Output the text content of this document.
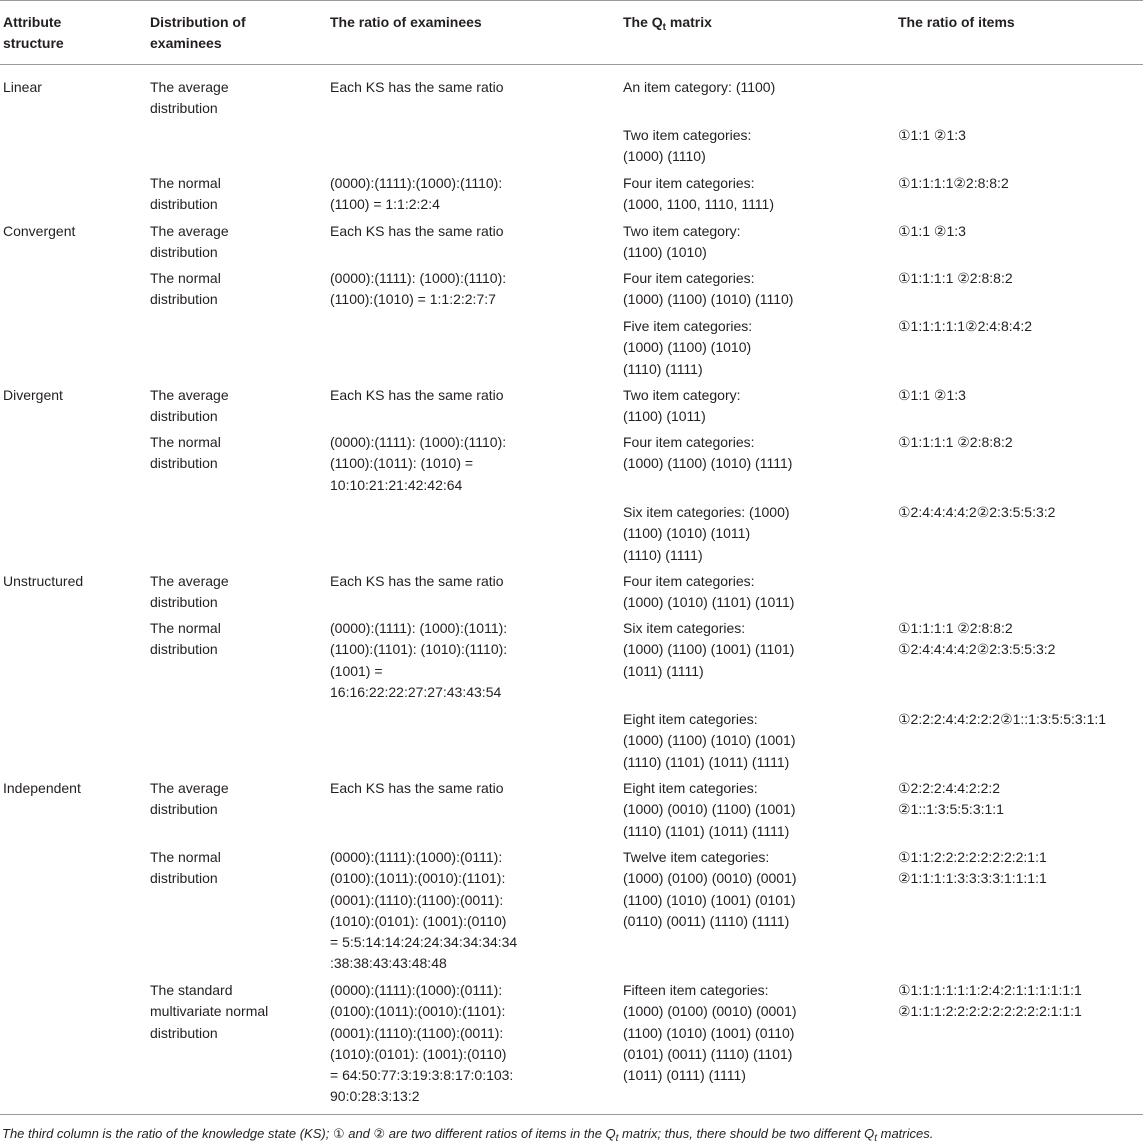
Attribute
structure
Distribution of
examinees
The ratio of examinees	The $Q_t$ matrix	The ratio of items
Linear
Convergent
Divergent
Unstructured
Independent
The average
distribution
The normal
distribution
The average
distribution
The normal
distribution
The average
distribution
The normal
distribution
The average
distribution
The normal
distribution
The average
distribution
The normal
distribution
The standard
multivariate normal
distribution
Each KS has the same ratio
(0000):(1111):(1000):(1110):
(1100) = 1:1:2:2:4
Each KS has the same ratio
(0000):(1111): (1000):(1110):
(1100):(1010) = 1:1:2:2:7:7
Each KS has the same ratio
(0000):(1111): (1000):(1110):
(1100):(1011): (1010) =
10:10:21:21:42:42:64
Each KS has the same ratio
(0000):(1111): (1000):(1011):
(1100):(1101): (1010):(1110):
(1001) =
16:16:22:22:27:27:43:43:54
Each KS has the same ratio
(0000):(1111):(1000):(0111):
(0100):(1011):(0010):(1101):
(0001):(1110):(1100):(0011):
(1010):(0101): (1001):(0110)
= 5:5:14:14:24:24:34:34:34:34
:38:38:43:43:48:48
(0000):(1111):(1000):(0111):
(0100):(1011):(0010):(1101):
(0001):(1110):(1100):(0011):
(1010):(0101): (1001):(0110)
= 64:50:77:3:19:3:8:17:0:103:
90:0:28:3:13:2
An item category: (1100)
Two item categories:
(1000) (1110)
Four item categories:
(1000, 1100, 1110, 1111)
Two item category:
(1100) (1010)
Four item categories:
(1000) (1100) (1010) (1110)
Five item categories:
(1000) (1100) (1010)
(1110) (1111)
Two item category:
(1100) (1011)
Four item categories:
(1000) (1100) (1010) (1111)
Six item categories: (1000)
(1100) (1010) (1011)
(1110) (1111)
Four item categories:
(1000) (1010) (1101) (1011)
Six item categories:
(1000) (1100) (1001) (1101)
(1011) (1111)
Eight item categories:
(1000) (1100) (1010) (1001)
(1110) (1101) (1011) (1111)
Eight item categories:
(1000) (0010) (1100) (1001)
(1110) (1101) (1011) (1111)
Twelve item categories:
(1000) (0100) (0010) (0001)
(1100) (1010) (1001) (0101)
(0110) (0011) (1110) (1111)
Fifteen item categories:
(1000) (0100) (0010) (0001)
(1100) (1010) (1001) (0110)
(0101) (0011) (1110) (1101)
(1011) (0111) (1111)
①1:1 ②1:3
①1:1:1:1②2:8:8:2
①1:1 ②1:3
①1:1:1:1 ②2:8:8:2
①1:1:1:1:1②2:4:8:4:2
①1:1 ②1:3
①1:1:1:1 ②2:8:8:2
①2:4:4:4:4:2②2:3:5:5:3:2
①1:1:1:1 ②2:8:8:2
①2:4:4:4:4:2②2:3:5:5:3:2
①2:2:2:4:4:2:2:2②1::1:3:5:5:3:1:1
①2:2:2:4:4:2:2:2
②1::1:3:5:5:3:1:1
①1:1:2:2:2:2:2:2:2:2:1:1
②1:1:1:1:3:3:3:3:1:1:1:1
①1:1:1:1:1:1:2:4:2:1:1:1:1:1:1
②1:1:1:2:2:2:2:2:2:2:2:2:1:1:1
The third column is the ratio of the knowledge state (KS); ① and ② are two different ratios of items in the $Q_t$ matrix; thus, there should be two different $Q_t$ matrices.
